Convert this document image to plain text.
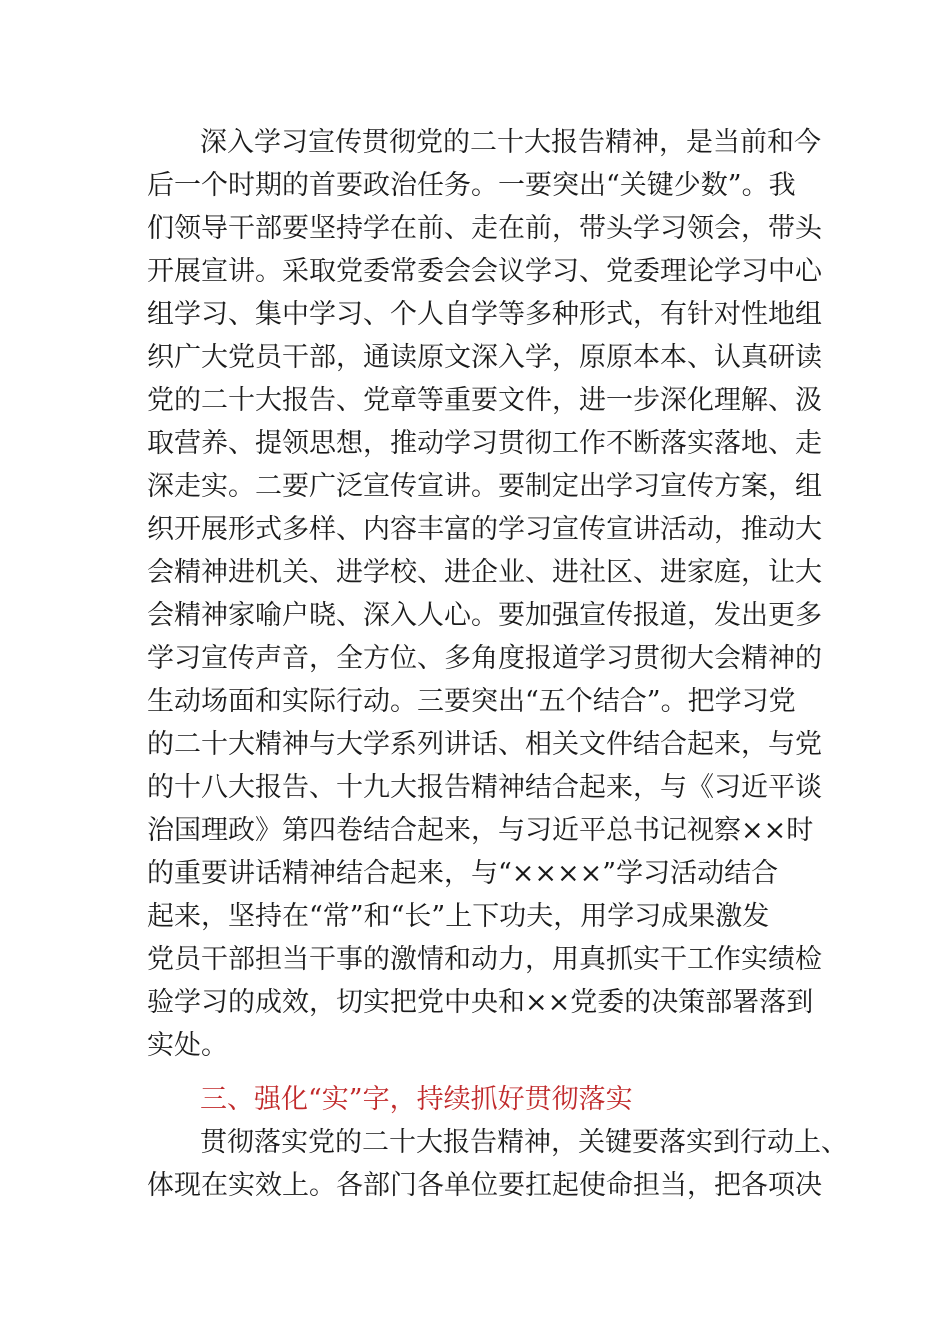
深入学习宣传贯彻党的二十大报告精神，是当前和今
后一个时期的首要政治任务。一要突出“关键少数”。我
们领导干部要坚持学在前、走在前，带头学习领会，带头
开展宣讲。采取党委常委会会议学习、党委理论学习中心
组学习、集中学习、个人自学等多种形式，有针对性地组
织广大党员干部，通读原文深入学，原原本本、认真研读
党的二十大报告、党章等重要文件，进一步深化理解、汲
取营养、提领思想，推动学习贯彻工作不断落实落地、走
深走实。二要广泛宣传宣讲。要制定出学习宣传方案，组
织开展形式多样、内容丰富的学习宣传宣讲活动，推动大
会精神进机关、进学校、进企业、进社区、进家庭，让大
会精神家喻户晓、深入人心。要加强宣传报道，发出更多
学习宣传声音，全方位、多角度报道学习贯彻大会精神的
生动场面和实际行动。三要突出“五个结合”。把学习党
的二十大精神与大学系列讲话、相关文件结合起来，与党
的十八大报告、十九大报告精神结合起来，与《习近平谈
治国理政》第四卷结合起来，与习近平总书记视察××时
的重要讲话精神结合起来，与“××××”学习活动结合
起来，坚持在“常”和“长”上下功夫，用学习成果激发
党员干部担当干事的激情和动力，用真抓实干工作实绩检
验学习的成效，切实把党中央和××党委的决策部署落到
实处。
三、强化“实”字，持续抓好贯彻落实
贯彻落实党的二十大报告精神，关键要落实到行动上、
体现在实效上。各部门各单位要扛起使命担当，把各项决
